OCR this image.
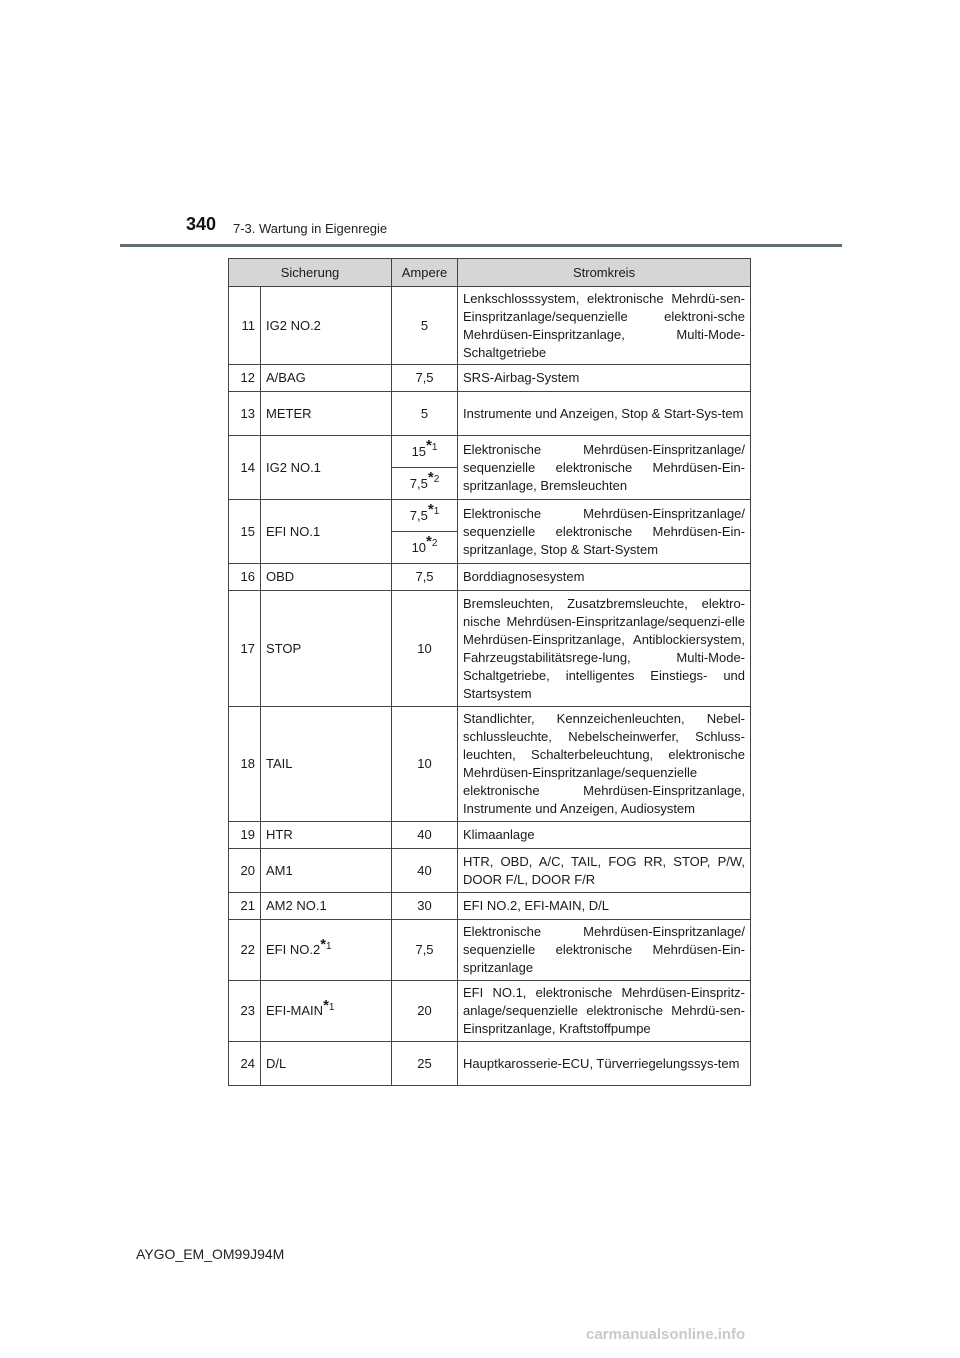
340 7-3. Wartung in Eigenregie
Sicherung		Ampere	Stromkreis
11	IG2 NO.2	5	Lenkschlosssystem, elektronische Mehrdü-sen-Einspritzanlage/sequenzielle elektroni-sche Mehrdüsen-Einspritzanlage, Multi-Mode-Schaltgetriebe
12	A/BAG	7,5	SRS-Airbag-System
13	METER	5	Instrumente und Anzeigen, Stop & Start-Sys-tem
14	IG2 NO.1	15$^{*1}$	Elektronische Mehrdüsen-Einspritzanlage/ sequenzielle elektronische Mehrdüsen-Ein-spritzanlage, Bremsleuchten
		7,5$^{*2}$
15	EFI NO.1	7,5$^{*1}$	Elektronische Mehrdüsen-Einspritzanlage/ sequenzielle elektronische Mehrdüsen-Ein-spritzanlage, Stop & Start-System
		10$^{*2}$
16	OBD	7,5	Borddiagnosesystem
17	STOP	10	Bremsleuchten, Zusatzbremsleuchte, elektro-nische Mehrdüsen-Einspritzanlage/sequenzi-elle Mehrdüsen-Einspritzanlage, Antiblockiersystem, Fahrzeugstabilitätsrege-lung, Multi-Mode-Schaltgetriebe, intelligentes Einstiegs- und Startsystem
18	TAIL	10	Standlichter, Kennzeichenleuchten, Nebel-schlussleuchte, Nebelscheinwerfer, Schluss-leuchten, Schalterbeleuchtung, elektronische Mehrdüsen-Einspritzanlage/sequenzielle elektronische Mehrdüsen-Einspritzanlage, Instrumente und Anzeigen, Audiosystem
19	HTR	40	Klimaanlage
20	AM1	40	HTR, OBD, A/C, TAIL, FOG RR, STOP, P/W, DOOR F/L, DOOR F/R
21	AM2 NO.1	30	EFI NO.2, EFI-MAIN, D/L
22	EFI NO.2$^{*1}$	7,5	Elektronische Mehrdüsen-Einspritzanlage/ sequenzielle elektronische Mehrdüsen-Ein-spritzanlage
23	EFI-MAIN$^{*1}$	20	EFI NO.1, elektronische Mehrdüsen-Einspritz-anlage/sequenzielle elektronische Mehrdü-sen-Einspritzanlage, Kraftstoffpumpe
24	D/L	25	Hauptkarosserie-ECU, Türverriegelungssys-tem
AYGO_EM_OM99J94M
carmanualsonline.info
